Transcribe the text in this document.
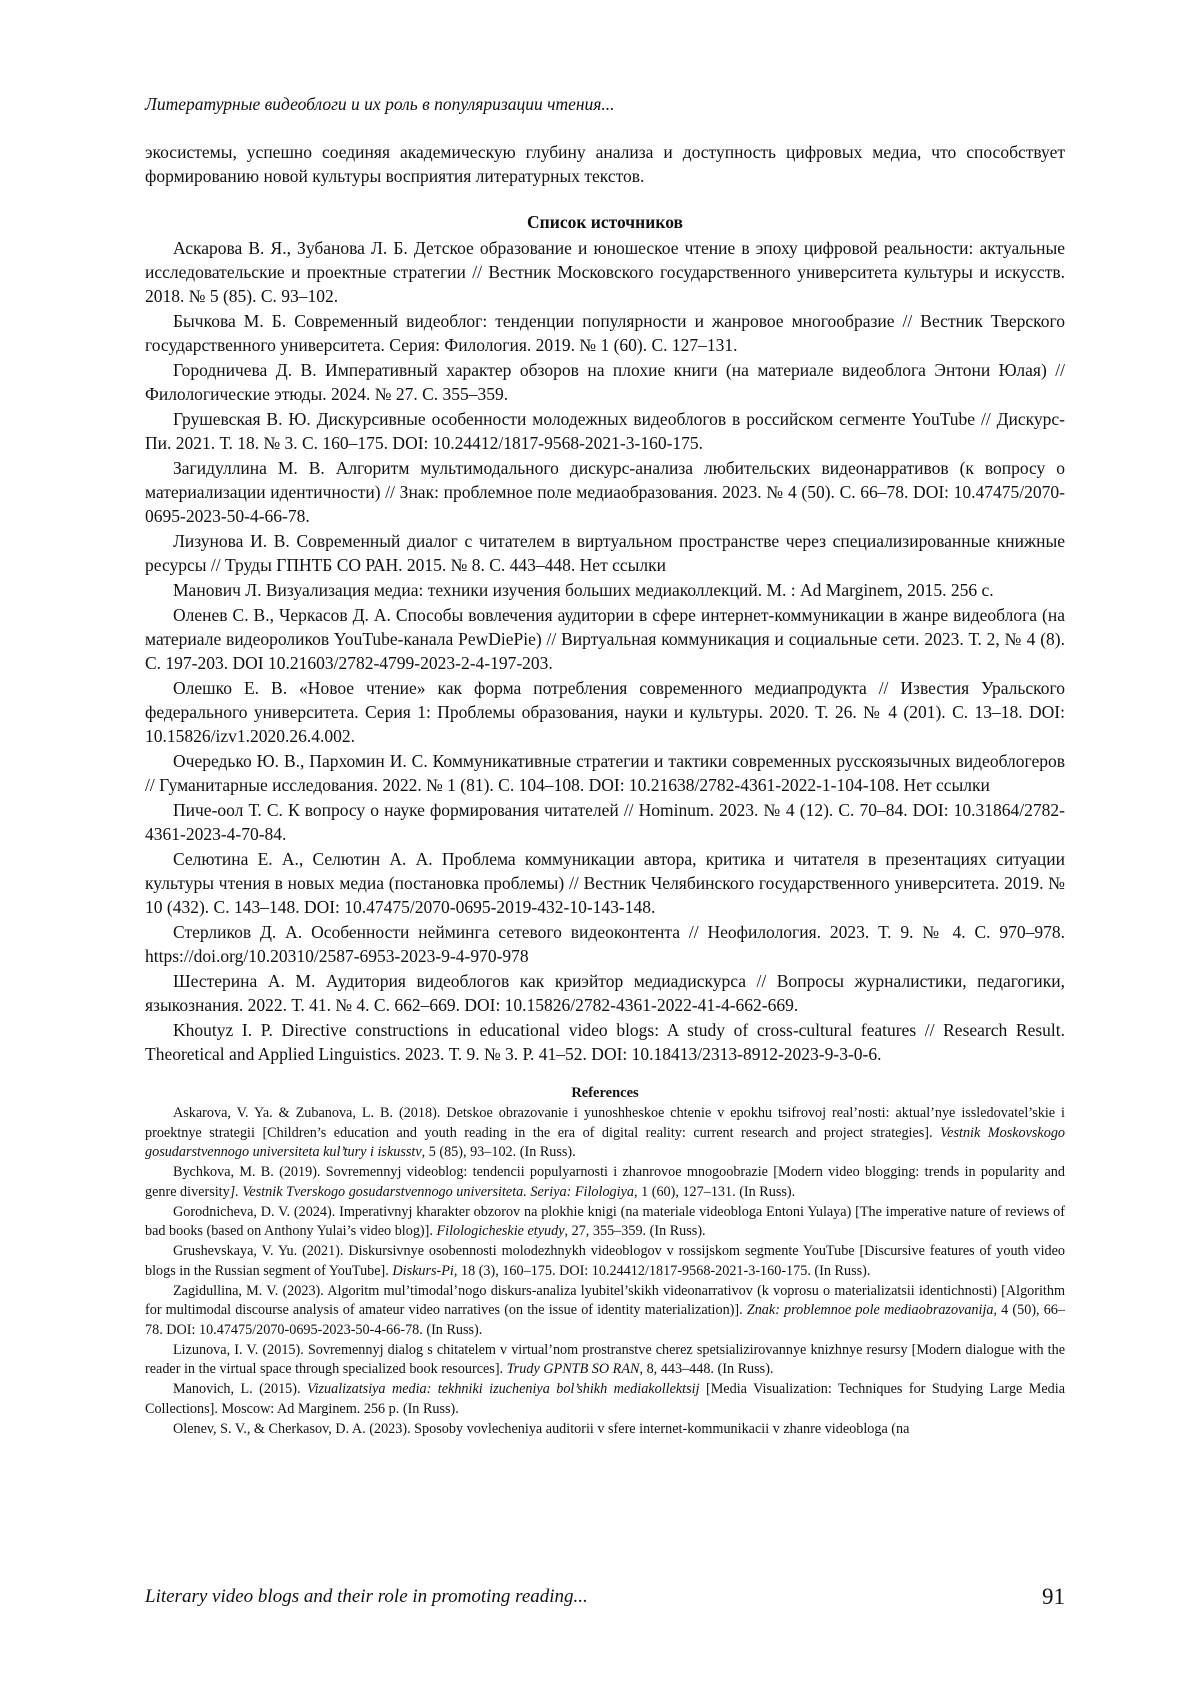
Литературные видеоблоги и их роль в популяризации чтения...

экосистемы, успешно соединяя академическую глубину анализа и доступность цифровых медиа, что способствует формированию новой культуры восприятия литературных текстов.

Список источников

Аскарова В. Я., Зубанова Л. Б. Детское образование и юношеское чтение в эпоху цифровой реальности: актуальные исследовательские и проектные стратегии // Вестник Московского государственного университета культуры и искусств. 2018. № 5 (85). С. 93–102.

Бычкова М. Б. Современный видеоблог: тенденции популярности и жанровое многообразие // Вестник Тверского государственного университета. Серия: Филология. 2019. № 1 (60). С. 127–131.

Городничева Д. В. Императивный характер обзоров на плохие книги (на материале видеоблога Энтони Юлая) // Филологические этюды. 2024. № 27. С. 355–359.

Грушевская В. Ю. Дискурсивные особенности молодежных видеоблогов в российском сегменте YouTube // Дискурс-Пи. 2021. Т. 18. № 3. С. 160–175. DOI: 10.24412/1817-9568-2021-3-160-175.

Загидуллина М. В. Алгоритм мультимодального дискурс-анализа любительских видеонарративов (к вопросу о материализации идентичности) // Знак: проблемное поле медиаобразования. 2023. № 4 (50). С. 66–78. DOI: 10.47475/2070-0695-2023-50-4-66-78.

Лизунова И. В. Современный диалог с читателем в виртуальном пространстве через специализированные книжные ресурсы // Труды ГПНТБ СО РАН. 2015. № 8. С. 443–448. Нет ссылки

Манович Л. Визуализация медиа: техники изучения больших медиаколлекций. М. : Ad Marginem, 2015. 256 с.

Оленев С. В., Черкасов Д. А. Способы вовлечения аудитории в сфере интернет-коммуникации в жанре видеоблога (на материале видеороликов YouTube-канала PewDiePie) // Виртуальная коммуникация и социальные сети. 2023. Т. 2, № 4 (8). С. 197-203. DOI 10.21603/2782-4799-2023-2-4-197-203.

Олешко Е. В. «Новое чтение» как форма потребления современного медиапродукта // Известия Уральского федерального университета. Серия 1: Проблемы образования, науки и культуры. 2020. Т. 26. № 4 (201). С. 13–18. DOI: 10.15826/izv1.2020.26.4.002.

Очередько Ю. В., Пархомин И. С. Коммуникативные стратегии и тактики современных русскоязычных видеоблогеров // Гуманитарные исследования. 2022. № 1 (81). С. 104–108. DOI: 10.21638/2782-4361-2022-1-104-108. Нет ссылки

Пиче-оол Т. С. К вопросу о науке формирования читателей // Hominum. 2023. № 4 (12). С. 70–84. DOI: 10.31864/2782-4361-2023-4-70-84.

Селютина Е. А., Селютин А. А. Проблема коммуникации автора, критика и читателя в презентациях ситуации культуры чтения в новых медиа (постановка проблемы) // Вестник Челябинского государственного университета. 2019. № 10 (432). С. 143–148. DOI: 10.47475/2070-0695-2019-432-10-143-148.

Стерликов Д. А. Особенности нейминга сетевого видеоконтента // Неофилология. 2023. Т. 9. № 4. С. 970–978. https://doi.org/10.20310/2587-6953-2023-9-4-970-978

Шестерина А. М. Аудитория видеоблогов как криэйтор медиадискурса // Вопросы журналистики, педагогики, языкознания. 2022. Т. 41. № 4. С. 662–669. DOI: 10.15826/2782-4361-2022-41-4-662-669.

Khoutyz I. P. Directive constructions in educational video blogs: A study of cross-cultural features // Research Result. Theoretical and Applied Linguistics. 2023. Т. 9. № 3. Р. 41–52. DOI: 10.18413/2313-8912-2023-9-3-0-6.

References

Askarova, V. Ya. & Zubanova, L. B. (2018). Detskoe obrazovanie i yunoshheskoe chtenie v epokhu tsifrovoj real’nosti: aktual’nye issledovatel’skie i proektnye strategii [Children’s education and youth reading in the era of digital reality: current research and project strategies]. Vestnik Moskovskogo gosudarstvennogo universiteta kul’tury i iskusstv, 5 (85), 93–102. (In Russ).

Bychkova, M. B. (2019). Sovremennyj videoblog: tendencii populyarnosti i zhanrovoe mnogoobrazie [Modern video blogging: trends in popularity and genre diversity]. Vestnik Tverskogo gosudarstvennogo universiteta. Seriya: Filologiya, 1 (60), 127–131. (In Russ).

Gorodnicheva, D. V. (2024). Imperativnyj kharakter obzorov na plokhie knigi (na materiale videobloga Entoni Yulaya) [The imperative nature of reviews of bad books (based on Anthony Yulai’s video blog)]. Filologicheskie etyudy, 27, 355–359. (In Russ).

Grushevskaya, V. Yu. (2021). Diskursivnye osobennosti molodezhnykh videoblogov v rossijskom segmente YouTube [Discursive features of youth video blogs in the Russian segment of YouTube]. Diskurs-Pi, 18 (3), 160–175. DOI: 10.24412/1817-9568-2021-3-160-175. (In Russ).

Zagidullina, M. V. (2023). Algoritm mul’timodal’nogo diskurs-analiza lyubitel’skikh videonarrativov (k voprosu o materializatsii identichnosti) [Algorithm for multimodal discourse analysis of amateur video narratives (on the issue of identity materialization)]. Znak: problemnoe pole mediaobrazovanija, 4 (50), 66–78. DOI: 10.47475/2070-0695-2023-50-4-66-78. (In Russ).

Lizunova, I. V. (2015). Sovremennyj dialog s chitatelem v virtual’nom prostranstve cherez spetsializirovannye knizhnye resursy [Modern dialogue with the reader in the virtual space through specialized book resources]. Trudy GPNTB SO RAN, 8, 443–448. (In Russ).

Manovich, L. (2015). Vizualizatsiya media: tekhniki izucheniya bol’shikh mediakollektsij [Media Visualization: Techniques for Studying Large Media Collections]. Moscow: Ad Marginem. 256 p. (In Russ).

Olenev, S. V., & Cherkasov, D. A. (2023). Sposoby vovlecheniya auditorii v sfere internet-kommunikacii v zhanre videobloga (na

Literary video blogs and their role in promoting reading...	91
